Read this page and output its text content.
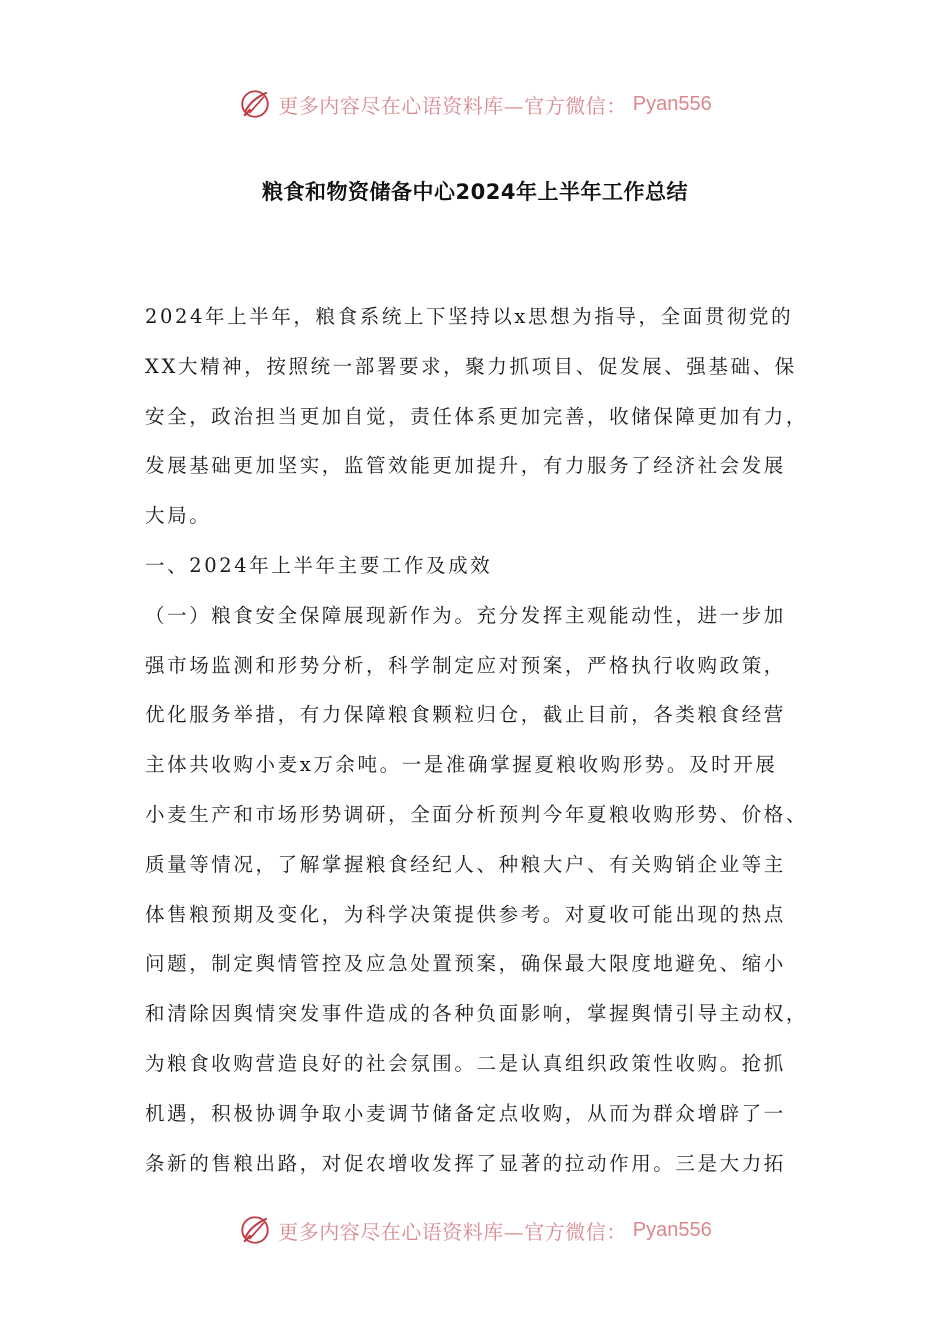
更多内容尽在心语资料库—官方微信： Pyan556
粮食和物资储备中心2024年上半年工作总结
2024年上半年，粮食系统上下坚持以x思想为指导，全面贯彻党的
XX大精神，按照统一部署要求，聚力抓项目、促发展、强基础、保
安全，政治担当更加自觉，责任体系更加完善，收储保障更加有力，
发展基础更加坚实，监管效能更加提升，有力服务了经济社会发展
大局。
一、2024年上半年主要工作及成效
（一）粮食安全保障展现新作为。充分发挥主观能动性，进一步加
强市场监测和形势分析，科学制定应对预案，严格执行收购政策，
优化服务举措，有力保障粮食颗粒归仓，截止目前，各类粮食经营
主体共收购小麦x万余吨。一是准确掌握夏粮收购形势。及时开展
小麦生产和市场形势调研，全面分析预判今年夏粮收购形势、价格、
质量等情况，了解掌握粮食经纪人、种粮大户、有关购销企业等主
体售粮预期及变化，为科学决策提供参考。对夏收可能出现的热点
问题，制定舆情管控及应急处置预案，确保最大限度地避免、缩小
和清除因舆情突发事件造成的各种负面影响，掌握舆情引导主动权，
为粮食收购营造良好的社会氛围。二是认真组织政策性收购。抢抓
机遇，积极协调争取小麦调节储备定点收购，从而为群众增辟了一
条新的售粮出路，对促农增收发挥了显著的拉动作用。三是大力拓
更多内容尽在心语资料库—官方微信： Pyan556
